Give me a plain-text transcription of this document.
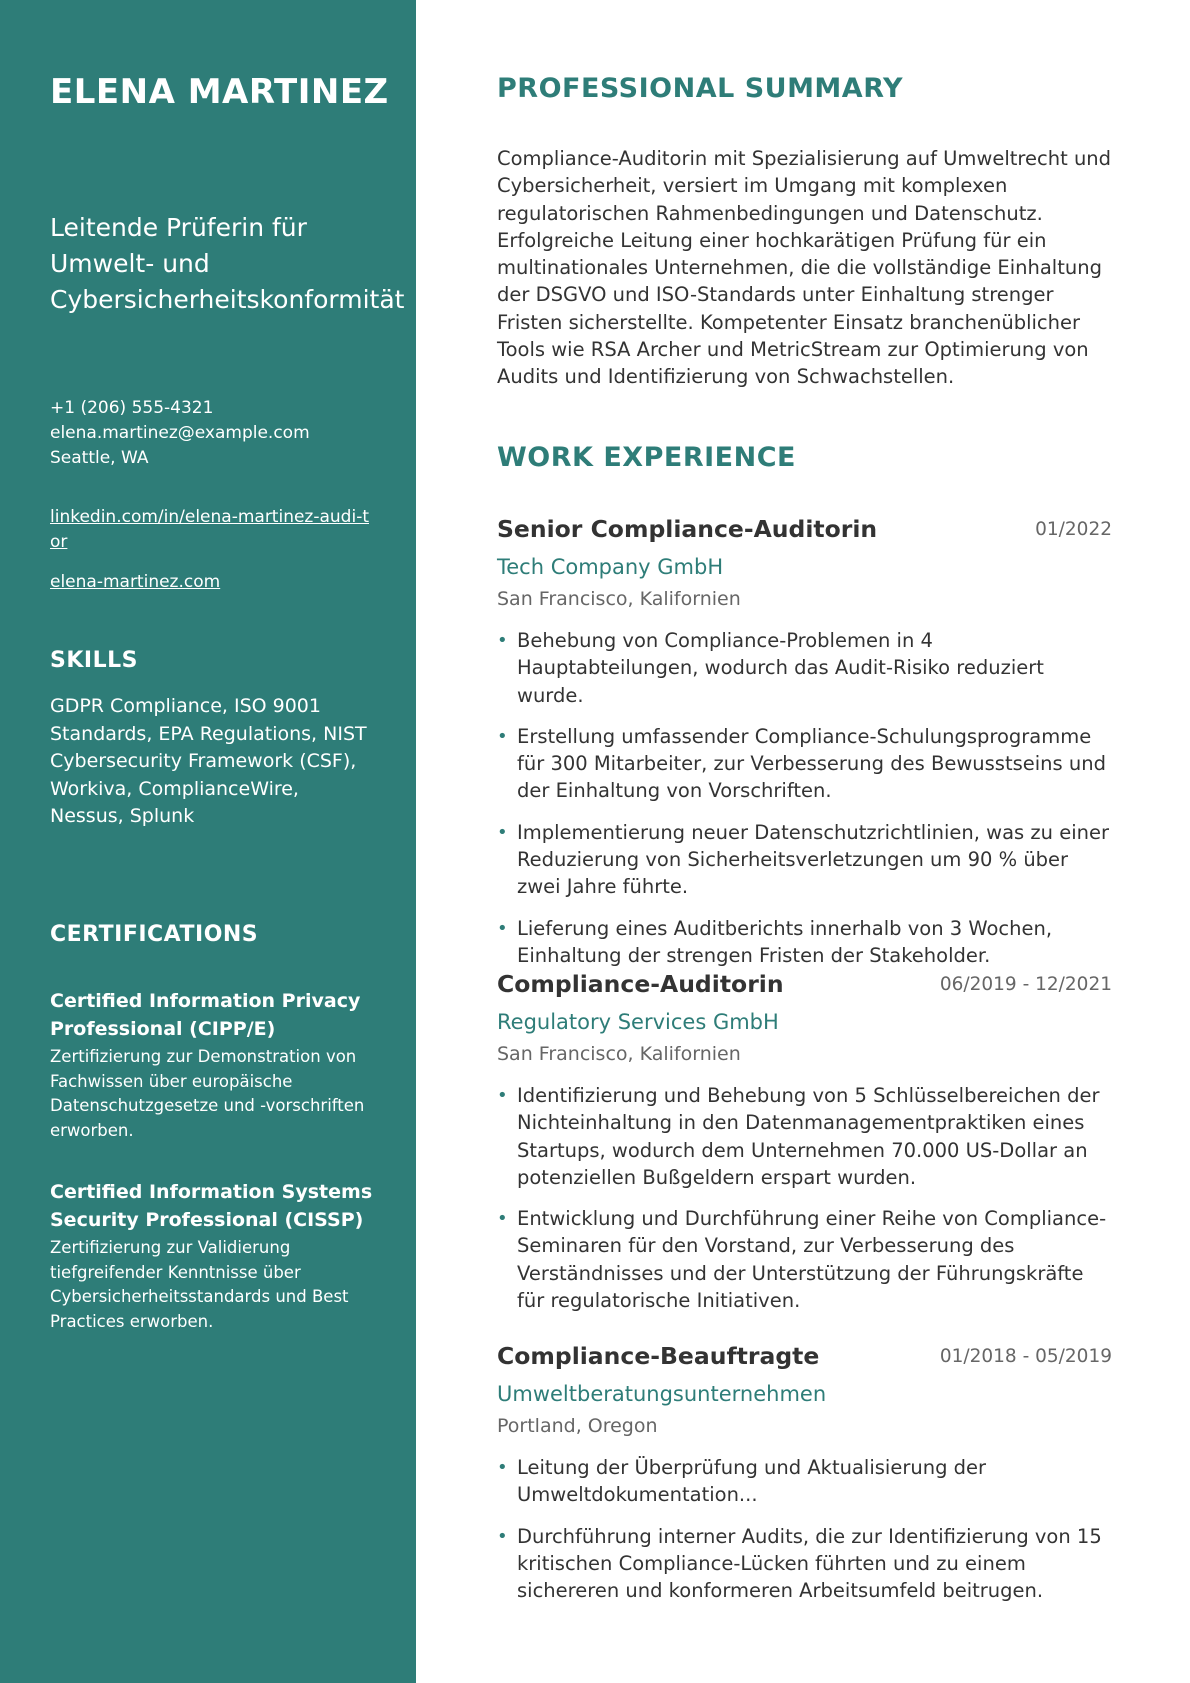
ELENA MARTINEZ
Leitende Prüferin für Umwelt- und Cybersicherheitskonformität
+1 (206) 555-4321
elena.martinez@example.com
Seattle, WA
linkedin.com/in/elena-martinez-audi-tor
elena-martinez.com
SKILLS

GDPR Compliance, ISO 9001 Standards, EPA Regulations, NIST Cybersecurity Framework (CSF), Workiva, ComplianceWire, Nessus, Splunk

CERTIFICATIONS
Certified Information Privacy Professional (CIPP/E)
Zertifizierung zur Demonstration von Fachwissen über europäische Datenschutzgesetze und -vorschriften erworben.
Certified Information Systems Security Professional (CISSP)
Zertifizierung zur Validierung tiefgreifender Kenntnisse über Cybersicherheitsstandards und Best Practices erworben.
PROFESSIONAL SUMMARY

Compliance-Auditorin mit Spezialisierung auf Umweltrecht und Cybersicherheit, versiert im Umgang mit komplexen regulatorischen Rahmenbedingungen und Datenschutz. Erfolgreiche Leitung einer hochkarätigen Prüfung für ein multinationales Unternehmen, die die vollständige Einhaltung der DSGVO und ISO-Standards unter Einhaltung strenger Fristen sicherstellte. Kompetenter Einsatz branchenüblicher Tools wie RSA Archer und MetricStream zur Optimierung von Audits und Identifizierung von Schwachstellen.

WORK EXPERIENCE
Senior Compliance-Auditorin	01/2022
Tech Company GmbH
San Francisco, Kalifornien
• Behebung von Compliance-Problemen in 4 Hauptabteilungen, wodurch das Audit-Risiko reduziert wurde.
• Erstellung umfassender Compliance-Schulungsprogramme für 300 Mitarbeiter, zur Verbesserung des Bewusstseins und der Einhaltung von Vorschriften.
• Implementierung neuer Datenschutzrichtlinien, was zu einer Reduzierung von Sicherheitsverletzungen um 90 % über zwei Jahre führte.
• Lieferung eines Auditberichts innerhalb von 3 Wochen, Einhaltung der strengen Fristen der Stakeholder.
Compliance-Auditorin	06/2019 - 12/2021
Regulatory Services GmbH
San Francisco, Kalifornien
• Identifizierung und Behebung von 5 Schlüsselbereichen der Nichteinhaltung in den Datenmanagementpraktiken eines Startups, wodurch dem Unternehmen 70.000 US-Dollar an potenziellen Bußgeldern erspart wurden.
• Entwicklung und Durchführung einer Reihe von Compliance-Seminaren für den Vorstand, zur Verbesserung des Verständnisses und der Unterstützung der Führungskräfte für regulatorische Initiativen.
Compliance-Beauftragte	01/2018 - 05/2019
Umweltberatungsunternehmen
Portland, Oregon
• Leitung der Überprüfung und Aktualisierung der Umweltdokumentation...
• Durchführung interner Audits, die zur Identifizierung von 15 kritischen Compliance-Lücken führten und zu einem sichereren und konformeren Arbeitsumfeld beitrugen.
